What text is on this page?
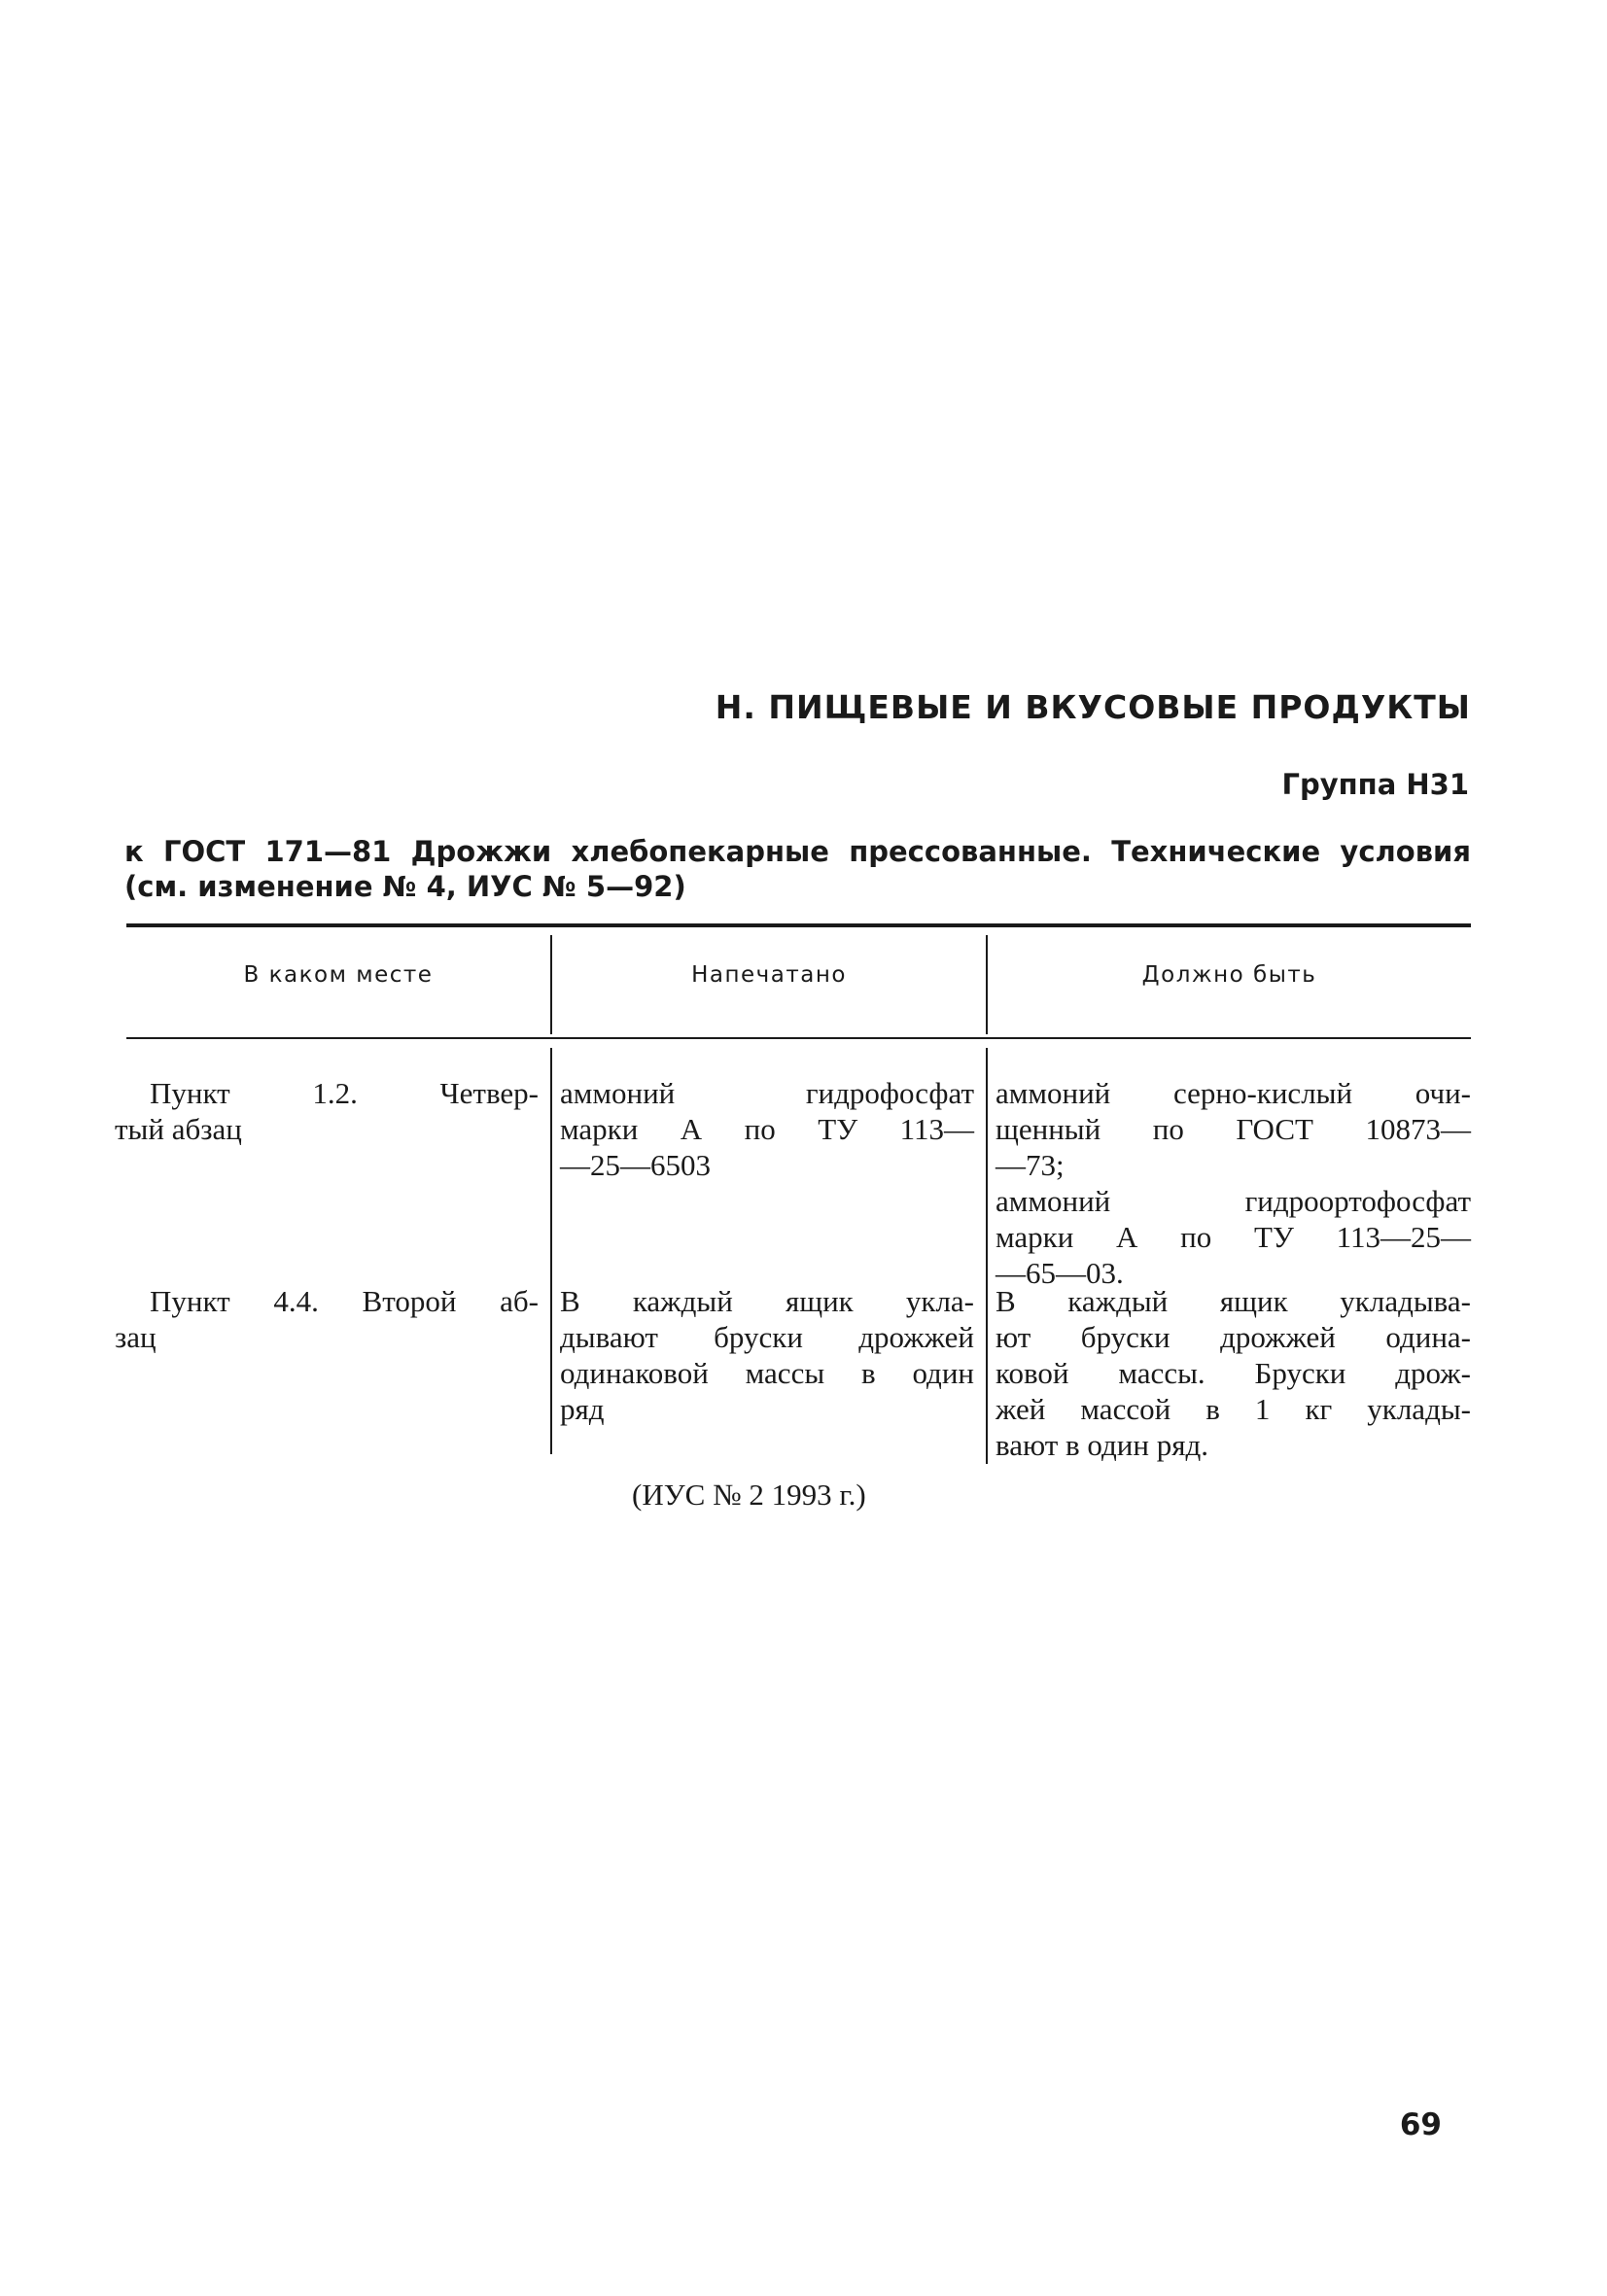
Н. ПИЩЕВЫЕ И ВКУСОВЫЕ ПРОДУКТЫ
Группа Н31
к ГОСТ 171—81 Дрожжи хлебопекарные прессованные. Технические условия
(см. изменение № 4, ИУС № 5—92)
В каком месте	Напечатано	Должно быть
Пункт 1.2. Четвер-
тый абзац
аммоний гидрофосфат
марки А по ТУ 113—
—25—6503
аммоний серно-кислый очи-
щенный по ГОСТ 10873—
—73;
аммоний гидроортофосфат
марки А по ТУ 113—25—
—65—03.
Пункт 4.4. Второй аб-
зац
В каждый ящик укла-
дывают бруски дрожжей
одинаковой массы в один
ряд
В каждый ящик укладыва-
ют бруски дрожжей одина-
ковой массы. Бруски дрож-
жей массой в 1 кг уклады-
вают в один ряд.
(ИУС № 2 1993 г.)
69
